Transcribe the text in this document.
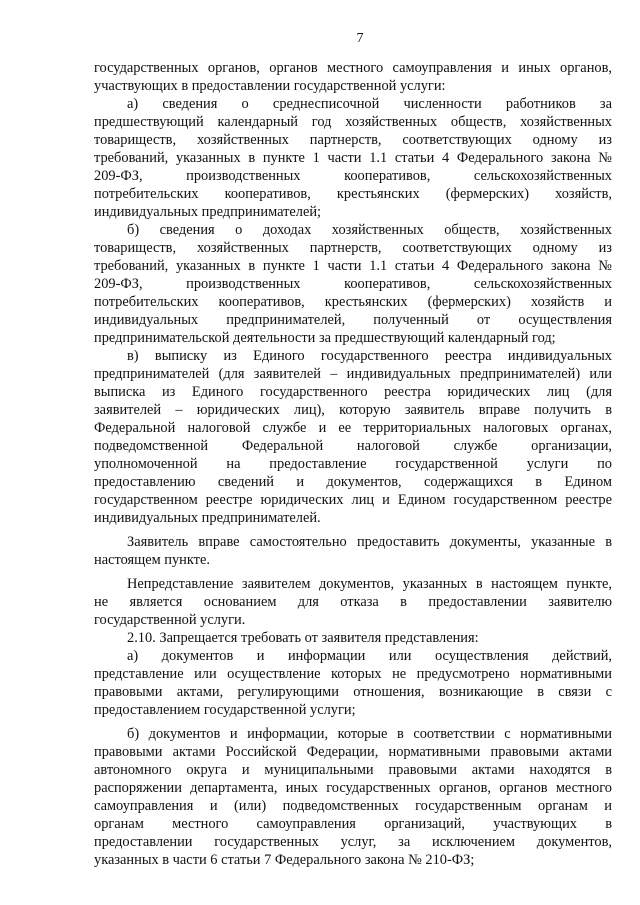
7
государственных органов, органов местного самоуправления и иных органов,
участвующих в предоставлении государственной услуги:
а) сведения о среднесписочной численности работников за
предшествующий календарный год хозяйственных обществ, хозяйственных
товариществ, хозяйственных партнерств, соответствующих одному из
требований, указанных в пункте 1 части 1.1 статьи 4 Федерального закона №
209-ФЗ, производственных кооперативов, сельскохозяйственных
потребительских кооперативов, крестьянских (фермерских) хозяйств,
индивидуальных предпринимателей;
б) сведения о доходах хозяйственных обществ, хозяйственных
товариществ, хозяйственных партнерств, соответствующих одному из
требований, указанных в пункте 1 части 1.1 статьи 4 Федерального закона №
209-ФЗ, производственных кооперативов, сельскохозяйственных
потребительских кооперативов, крестьянских (фермерских) хозяйств и
индивидуальных предпринимателей, полученный от осуществления
предпринимательской деятельности за предшествующий календарный год;
в) выписку из Единого государственного реестра индивидуальных
предпринимателей (для заявителей – индивидуальных предпринимателей) или
выписка из Единого государственного реестра юридических лиц (для
заявителей – юридических лиц), которую заявитель вправе получить в
Федеральной налоговой службе и ее территориальных налоговых органах,
подведомственной Федеральной налоговой службе организации,
уполномоченной на предоставление государственной услуги по
предоставлению сведений и документов, содержащихся в Едином
государственном реестре юридических лиц и Едином государственном реестре
индивидуальных предпринимателей.
Заявитель вправе самостоятельно предоставить документы, указанные в
настоящем пункте.
Непредставление заявителем документов, указанных в настоящем пункте,
не является основанием для отказа в предоставлении заявителю
государственной услуги.
2.10. Запрещается требовать от заявителя представления:
а) документов и информации или осуществления действий,
представление или осуществление которых не предусмотрено нормативными
правовыми актами, регулирующими отношения, возникающие в связи с
предоставлением государственной услуги;
б) документов и информации, которые в соответствии с нормативными
правовыми актами Российской Федерации, нормативными правовыми актами
автономного округа и муниципальными правовыми актами находятся в
распоряжении департамента, иных государственных органов, органов местного
самоуправления и (или) подведомственных государственным органам и
органам местного самоуправления организаций, участвующих в
предоставлении государственных услуг, за исключением документов,
указанных в части 6 статьи 7 Федерального закона № 210-ФЗ;
